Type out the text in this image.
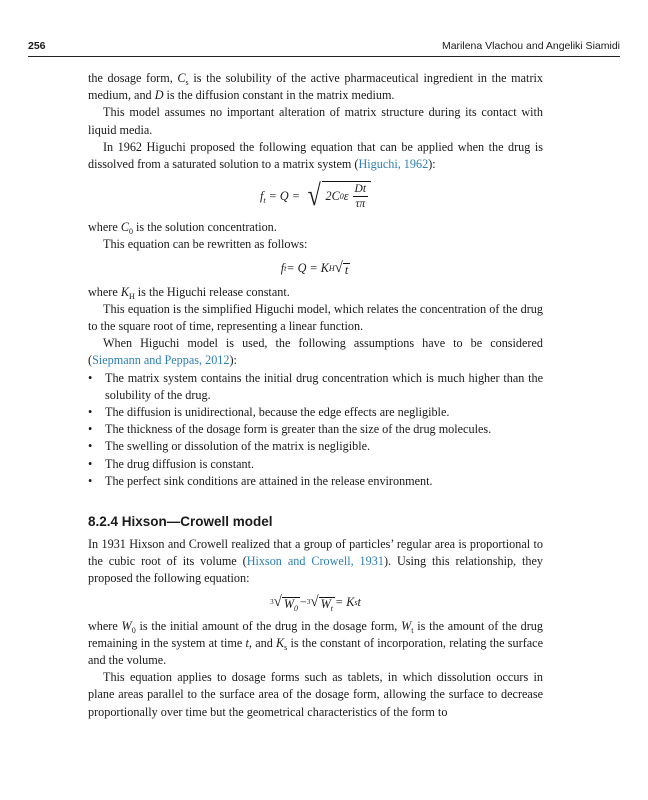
256	Marilena Vlachou and Angeliki Siamidi

the dosage form, $C_s$ is the solubility of the active pharmaceutical ingredient in the matrix medium, and D is the diffusion constant in the matrix medium.

This model assumes no important alteration of matrix structure during its contact with liquid media.

In 1962 Higuchi proposed the following equation that can be applied when the drug is dissolved from a saturated solution to a matrix system (Higuchi, 1962):

$f_t = Q$ = √ 2C 0 ε $\frac{Dt}{\tau\pi}$

where $C_0$ is the solution concentration.

This equation can be rewritten as follows:

f t = Q = K H √ t

where $K_H$ is the Higuchi release constant.

This equation is the simplified Higuchi model, which relates the concentration of the drug to the square root of time, representing a linear function.

When Higuchi model is used, the following assumptions have to be considered (Siepmann and Peppas, 2012):

• The matrix system contains the initial drug concentration which is much higher than the solubility of the drug.
• The diffusion is unidirectional, because the edge effects are negligible.
• The thickness of the dosage form is greater than the size of the drug molecules.
• The swelling or dissolution of the matrix is negligible.
• The drug diffusion is constant.
• The perfect sink conditions are attained in the release environment.
8.2.4 Hixson—Crowell model

In 1931 Hixson and Crowell realized that a group of particles’ regular area is proportional to the cubic root of its volume (Hixson and Crowell, 1931). Using this relationship, they proposed the following equation:

3 √ $W_0 - 3$ √ $W_t = K$ s t

where $W_0$ is the initial amount of the drug in the dosage form, $W_t$ is the amount of the drug remaining in the system at time t, and $K_s$ is the constant of incorporation, relating the surface and the volume.

This equation applies to dosage forms such as tablets, in which dissolution occurs in plane areas parallel to the surface area of the dosage form, allowing the surface to decrease proportionally over time but the geometrical characteristics of the form to
